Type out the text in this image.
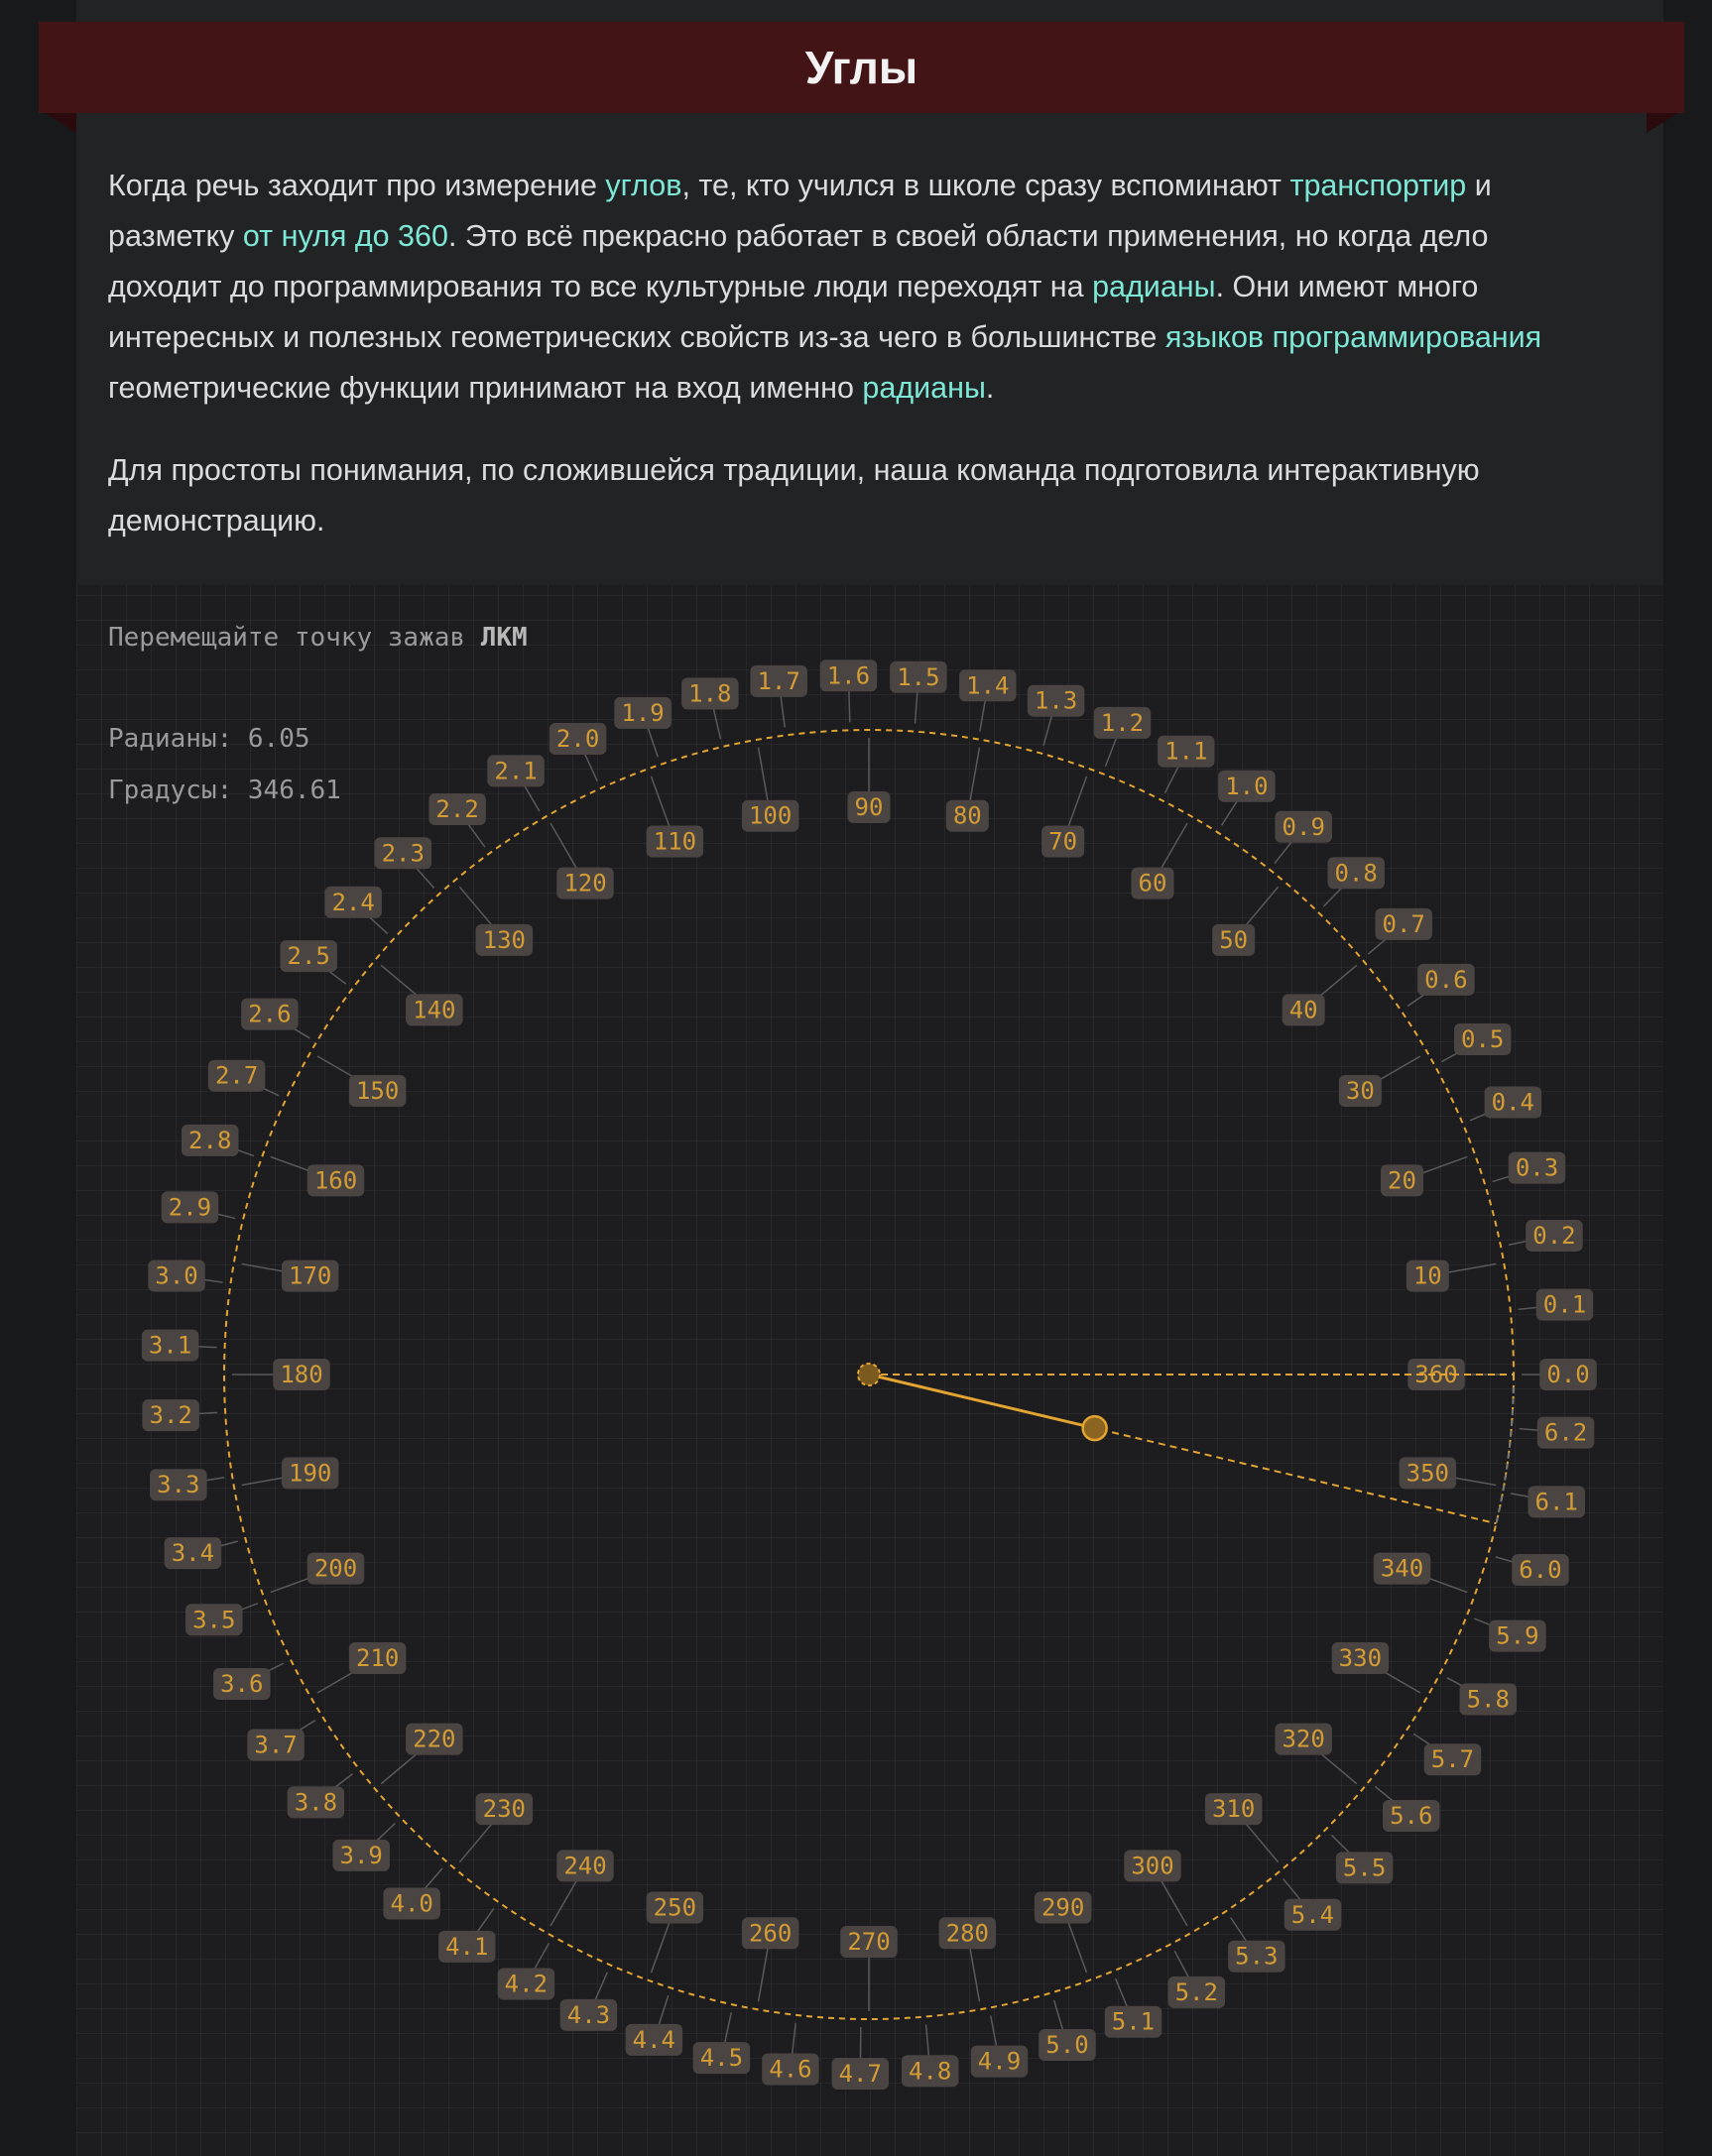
Углы

Когда речь заходит про измерение углов, те, кто учился в школе сразу вспоминают транспортир и разметку от нуля до 360. Это всё прекрасно работает в своей области применения, но когда дело доходит до программирования то все культурные люди переходят на радианы. Они имеют много интересных и полезных геометрических свойств из-за чего в большинстве языков программирования геометрические функции принимают на вход именно радианы.

Для простоты понимания, по сложившейся традиции, наша команда подготовила интерактивную демонстрацию.

Перемещайте точку зажав ЛКМ
Радианы: 6.05
Градусы: 346.61
10
20
30
40
50
60
70
80
90
100
110
120
130
140
150
160
170
180
190
200
210
220
230
240
250
260 270 280
290
300
310
320
330
340
350
360	0.0
0.1
0.2
0.3
0.4
0.5
0.6
0.7
0.8
0.9
1.0
1.1
1.2
1.3
1.4
1.5
1.6
1.7
1.8
1.9
2.0
2.1
2.2
2.3
2.4
2.5
2.6
2.7
2.8
2.9
3.0
3.1
3.2
3.3
3.4
3.5
3.6
3.7
3.8
3.9
4.0
4.1
4.2
4.3
4.4
4.5 4.6 4.7 4.8 4.9
5.0
5.1
5.2
5.3
5.4
5.5
5.6
5.7
5.8
5.9
6.0
6.1
6.2
